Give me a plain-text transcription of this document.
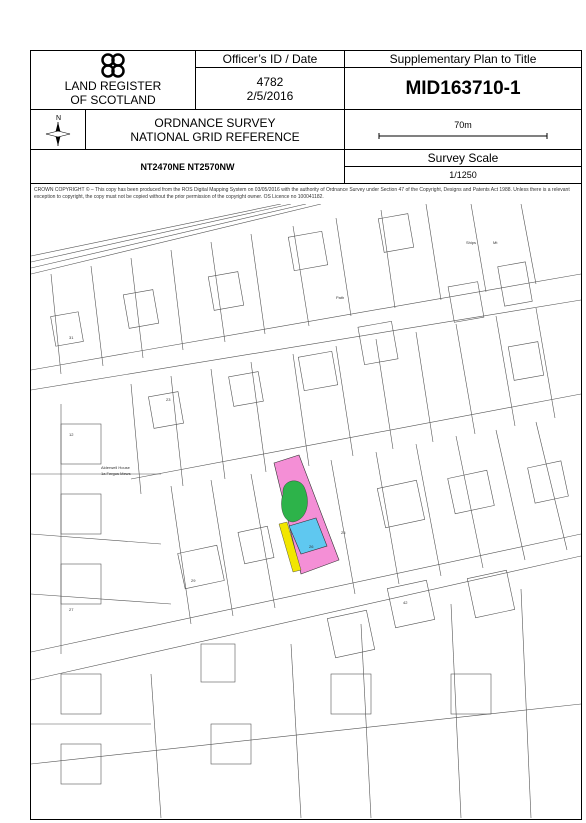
LAND REGISTER
OF SCOTLAND
Officer’s ID / Date
4782
2/5/2016
Supplementary Plan to Title
MID163710-1
N	ORDNANCE SURVEY
NATIONAL GRID REFERENCE
70m
NT2470NE NT2570NW
Survey Scale
1/1250
CROWN COPYRIGHT © – This copy has been produced from the ROS Digital Mapping System on 03/05/2016 with the authority of Ordnance Survey under Section 47 of the Copyright, Designs and Patents Act 1988. Unless there is a relevant exception to copyright, the copy must not be copied without the prior permission of the copyright owner. OS Licence no 100041182.
Ships	Mt
Alderwell House
1a Fergus Mews
27
23
29
26
12
25
31
42
Path
